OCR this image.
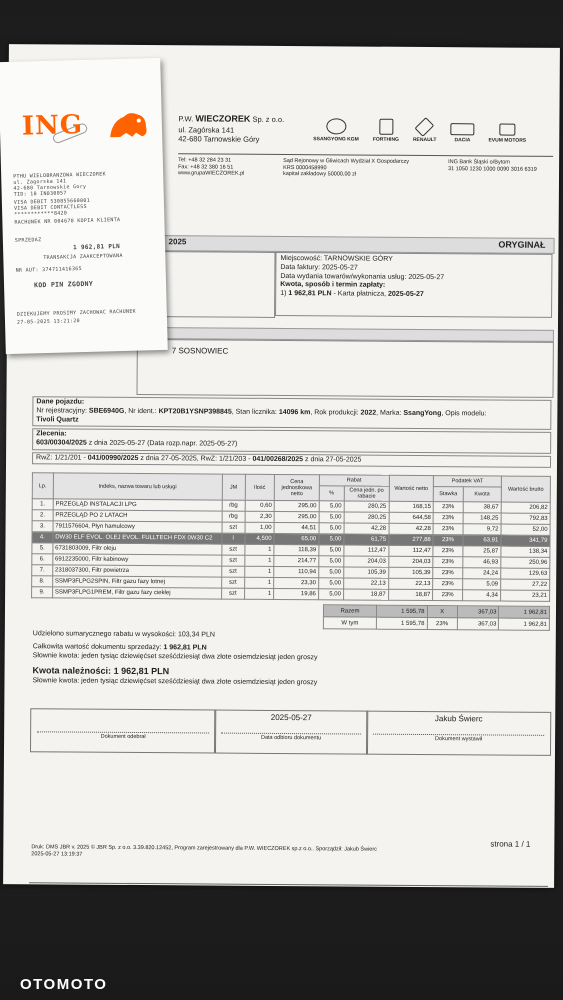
P.W. WIECZOREK Sp. z o.o.
ul. Zagórska 141
42-680 Tarnowskie Góry	SSANGYONG KGM	FORTHING	RENAULT	DACIA	EVUM MOTORS
Tel: +48 32 284 23 31
Fax: +48 32 380 16 51
www.grupaWIECZOREK.pl
Sąd Rejonowy w Gliwicach Wydział X Gospodarczy
KRS 0000458990
kapitał zakładowy 50000,00 zł
ING Bank Śląski o/Bytom
31 1050 1230 1000 0090 3016 6319
2025	ORYGINAŁ
Miejscowość: TARNOWSKIE GÓRY
Data faktury: 2025-05-27
Data wydania towarów/wykonania usług: 2025-05-27
Kwota, sposób i termin zapłaty:
1) 1 962,81 PLN - Karta płatnicza, 2025-05-27
7 SOSNOWIEC
Dane pojazdu:
Nr rejestracyjny: SBE6940G, Nr ident.: KPT20B1YSNP398845, Stan licznika: 14096 km, Rok produkcji: 2022, Marka: SsangYong, Opis modelu:
Tivoli Quartz
Zlecenia:
603/00304/2025 z dnia 2025-05-27 (Data rozp.napr. 2025-05-27)
RwZ: 1/21/201 - 041/00990/2025 z dnia 27-05-2025, RwZ: 1/21/203 - 041/00268/2025 z dnia 27-05-2025
Lp.	Indeks, nazwa towaru lub usługi	JM	Ilość	Cena jednostkowa netto	Rabat		Wartość netto	Podatek VAT		Wartość brutto
					%	Cena jedn. po rabacie		Stawka	Kwota	
1.	PRZEGLĄD INSTALACJI LPG	rbg	0,60	295,00	5,00	280,25	168,15	23%	38,67	206,82
2.	PRZEGLĄD PO 2 LATACH	rbg	2,30	295,00	5,00	280,25	644,58	23%	148,25	792,83
3.	7911576604, Płyn hamulcowy	szt	1,00	44,51	5,00	42,28	42,28	23%	9,72	52,00
4.	DW30 ELF EVOL. OLEJ EVOL. FULLTECH FDX 0W30 C2	l	4,500	65,00	5,00	61,75	277,88	23%	63,91	341,79
5.	6731803009, Filtr oleju	szt	1	118,39	5,00	112,47	112,47	23%	25,87	138,34
6.	6912235000, Filtr kabinowy	szt	1	214,77	5,00	204,03	204,03	23%	46,93	250,96
7.	2318037300, Filtr powietrza	szt	1	110,94	5,00	105,39	105,39	23%	24,24	129,63
8.	SSMP3FLPG2SPIN, Filtr gazu fazy lotnej	szt	1	23,30	5,00	22,13	22,13	23%	5,09	27,22
9.	SSMP3FLPG1PREM, Filtr gazu fazy ciekłej	szt	1	19,86	5,00	18,87	18,87	23%	4,34	23,21
Razem	1 595,78	X	367,03	1 962,81
W tym	1 595,78	23%	367,03	1 962,81
Udzielono sumarycznego rabatu w wysokości: 103,34 PLN
Całkowita wartość dokumentu sprzedaży: 1 962,81 PLN
Słownie kwota: jeden tysiąc dziewięćset sześćdziesiąt dwa złote osiemdziesiąt jeden groszy
Kwota należności: 1 962,81 PLN
Słownie kwota: jeden tysiąc dziewięćset sześćdziesiąt dwa złote osiemdziesiąt jeden groszy
Dokument odebrał
2025-05-27
Data odbioru dokumentu
Jakub Świerc
Dokument wystawił
Druk: DMS JBR v. 2025 © JBR Sp. z o.o. 3.39.820.12452, Program zarejestrowany dla P.W. WIECZOREK sp.z o.o.. Sporządził: Jakub Świerc
2025-05-27 13:19:37
strona 1 / 1
ING
PTHU WIELOBRANZOWA WIECZOREK
ul. Zagorska 141
42-680 Tarnowskie Gory
TID: 10 IN030057
VISA DEBIT 530855660001
VISA DEBIT CONTACTLESS
************8420
RACHUNEK NR 004670 KOPIA KLIENTA
SPRZEDAZ
1 962,81 PLN
TRANSAKCJA ZAAKCEPTOWANA
NR AUT: 374711416365
KOD PIN ZGODNY
DZIEKUJEMY PROSIMY ZACHOWAC RACHUNEK
27-05-2025 13:21:20
OTOMOTO
